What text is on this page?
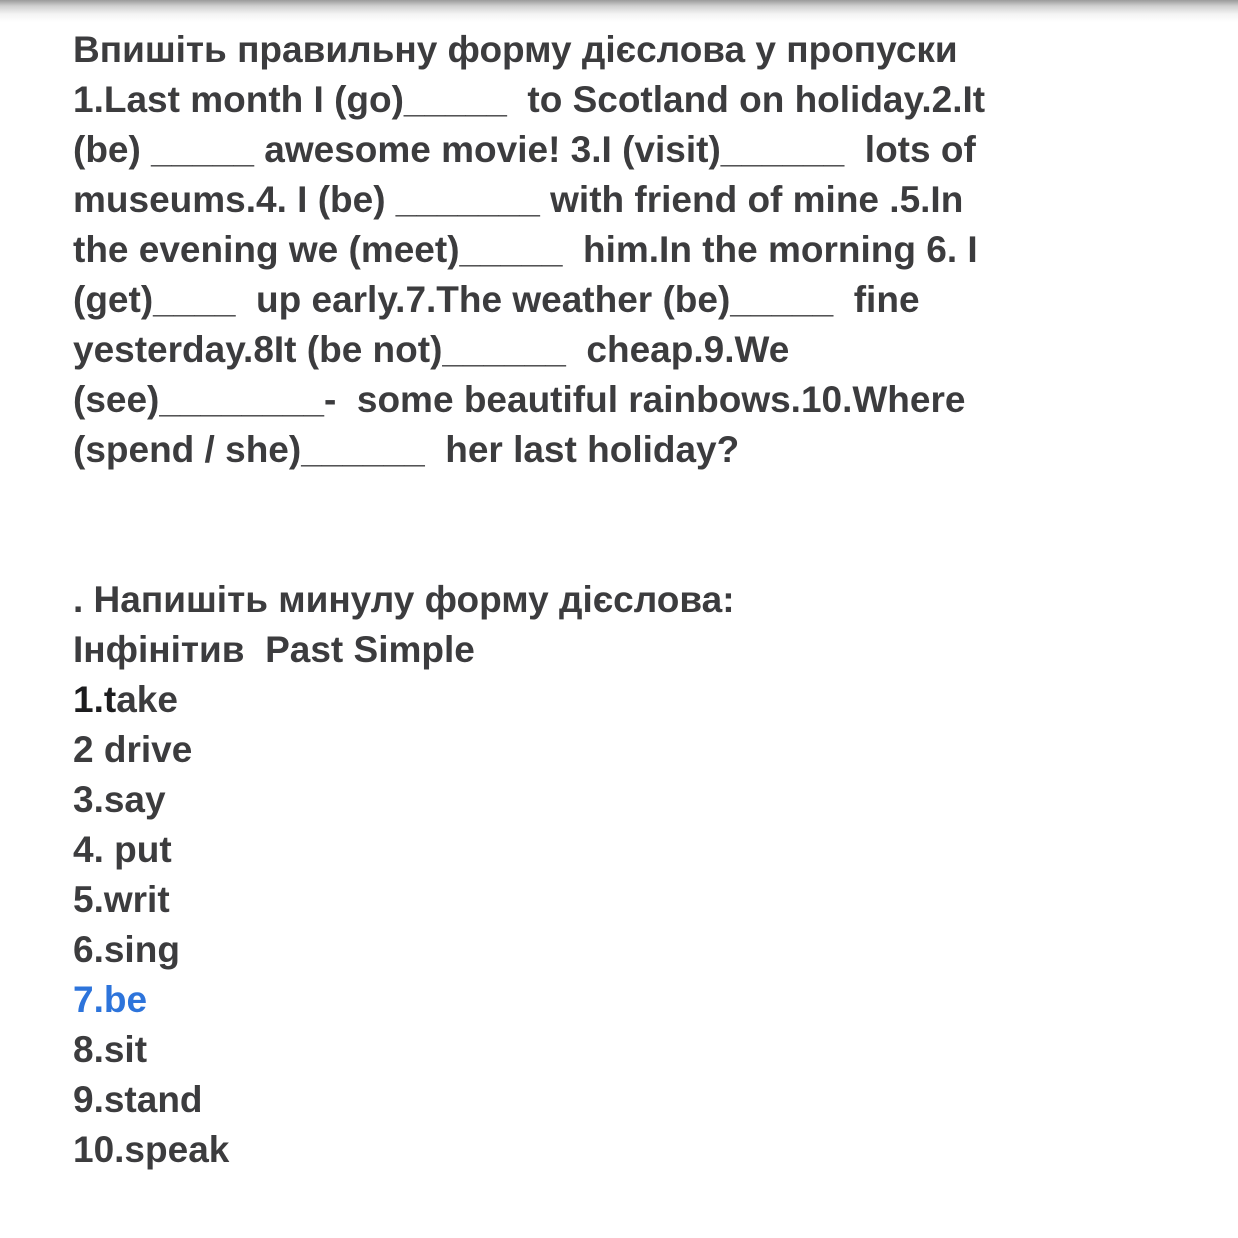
Впишіть правильну форму дієслова у пропуски
1.Last month I (go)_____  to Scotland on holiday.2.It
(be) _____ awesome movie! 3.I (visit)______  lots of
museums.4. I (be) _______ with friend of mine .5.In
the evening we (meet)_____  him.In the morning 6. I
(get)____  up early.7.The weather (be)_____  fine
yesterday.8It (be not)______  cheap.9.We
(see)________-  some beautiful rainbows.10.Where
(spend / she)______  her last holiday?
. Напишіть минулу форму дієслова:
Інфінітив  Past Simple
1.take
2 drive
3.say
4. put
5.writ
6.sing
7.be
8.sit
9.stand
10.speak
